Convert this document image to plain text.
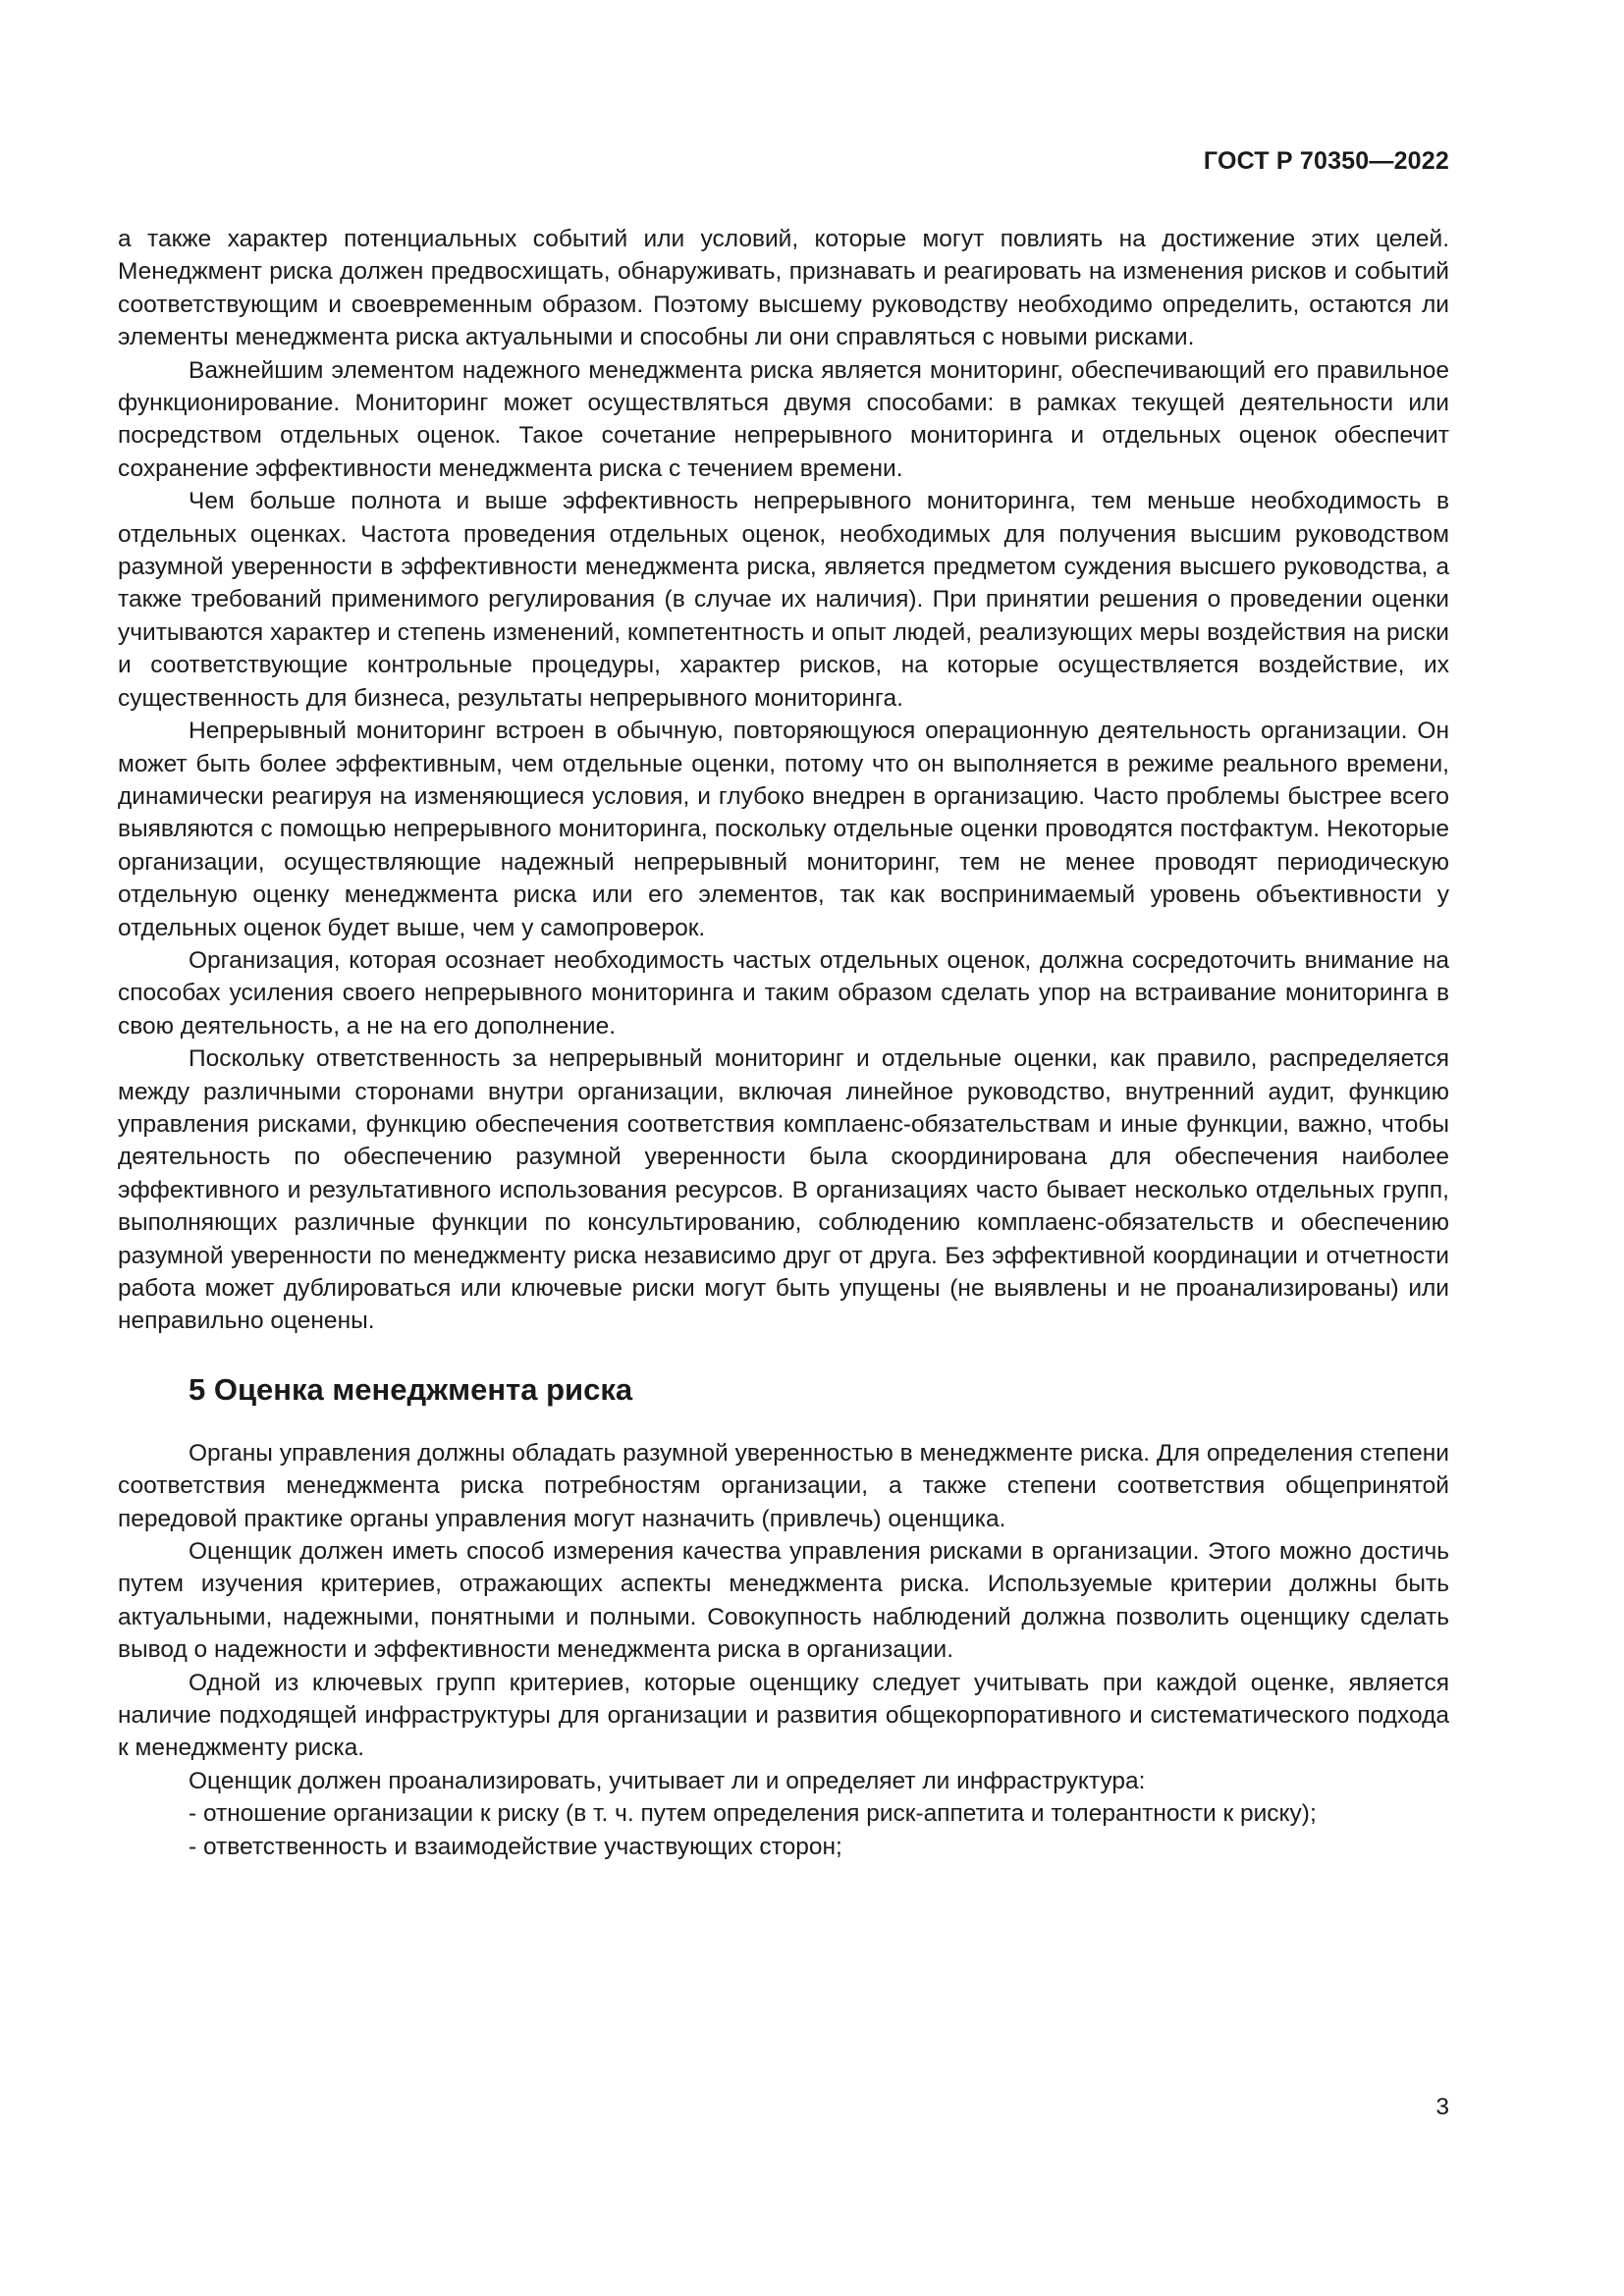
ГОСТ Р 70350—2022

а также характер потенциальных событий или условий, которые могут повлиять на достижение этих целей. Менеджмент риска должен предвосхищать, обнаруживать, признавать и реагировать на изменения рисков и событий соответствующим и своевременным образом. Поэтому высшему руководству необходимо определить, остаются ли элементы менеджмента риска актуальными и способны ли они справляться с новыми рисками.

Важнейшим элементом надежного менеджмента риска является мониторинг, обеспечивающий его правильное функционирование. Мониторинг может осуществляться двумя способами: в рамках текущей деятельности или посредством отдельных оценок. Такое сочетание непрерывного мониторинга и отдельных оценок обеспечит сохранение эффективности менеджмента риска с течением времени.

Чем больше полнота и выше эффективность непрерывного мониторинга, тем меньше необходимость в отдельных оценках. Частота проведения отдельных оценок, необходимых для получения высшим руководством разумной уверенности в эффективности менеджмента риска, является предметом суждения высшего руководства, а также требований применимого регулирования (в случае их наличия). При принятии решения о проведении оценки учитываются характер и степень изменений, компетентность и опыт людей, реализующих меры воздействия на риски и соответствующие контрольные процедуры, характер рисков, на которые осуществляется воздействие, их существенность для бизнеса, результаты непрерывного мониторинга.

Непрерывный мониторинг встроен в обычную, повторяющуюся операционную деятельность организации. Он может быть более эффективным, чем отдельные оценки, потому что он выполняется в режиме реального времени, динамически реагируя на изменяющиеся условия, и глубоко внедрен в организацию. Часто проблемы быстрее всего выявляются с помощью непрерывного мониторинга, поскольку отдельные оценки проводятся постфактум. Некоторые организации, осуществляющие надежный непрерывный мониторинг, тем не менее проводят периодическую отдельную оценку менеджмента риска или его элементов, так как воспринимаемый уровень объективности у отдельных оценок будет выше, чем у самопроверок.

Организация, которая осознает необходимость частых отдельных оценок, должна сосредоточить внимание на способах усиления своего непрерывного мониторинга и таким образом сделать упор на встраивание мониторинга в свою деятельность, а не на его дополнение.

Поскольку ответственность за непрерывный мониторинг и отдельные оценки, как правило, распределяется между различными сторонами внутри организации, включая линейное руководство, внутренний аудит, функцию управления рисками, функцию обеспечения соответствия комплаенс-обязательствам и иные функции, важно, чтобы деятельность по обеспечению разумной уверенности была скоординирована для обеспечения наиболее эффективного и результативного использования ресурсов. В организациях часто бывает несколько отдельных групп, выполняющих различные функции по консультированию, соблюдению комплаенс-обязательств и обеспечению разумной уверенности по менеджменту риска независимо друг от друга. Без эффективной координации и отчетности работа может дублироваться или ключевые риски могут быть упущены (не выявлены и не проанализированы) или неправильно оценены.

5 Оценка менеджмента риска

Органы управления должны обладать разумной уверенностью в менеджменте риска. Для определения степени соответствия менеджмента риска потребностям организации, а также степени соответствия общепринятой передовой практике органы управления могут назначить (привлечь) оценщика.

Оценщик должен иметь способ измерения качества управления рисками в организации. Этого можно достичь путем изучения критериев, отражающих аспекты менеджмента риска. Используемые критерии должны быть актуальными, надежными, понятными и полными. Совокупность наблюдений должна позволить оценщику сделать вывод о надежности и эффективности менеджмента риска в организации.

Одной из ключевых групп критериев, которые оценщику следует учитывать при каждой оценке, является наличие подходящей инфраструктуры для организации и развития общекорпоративного и систематического подхода к менеджменту риска.

Оценщик должен проанализировать, учитывает ли и определяет ли инфраструктура:

- отношение организации к риску (в т. ч. путем определения риск-аппетита и толерантности к риску);

- ответственность и взаимодействие участвующих сторон;

3
